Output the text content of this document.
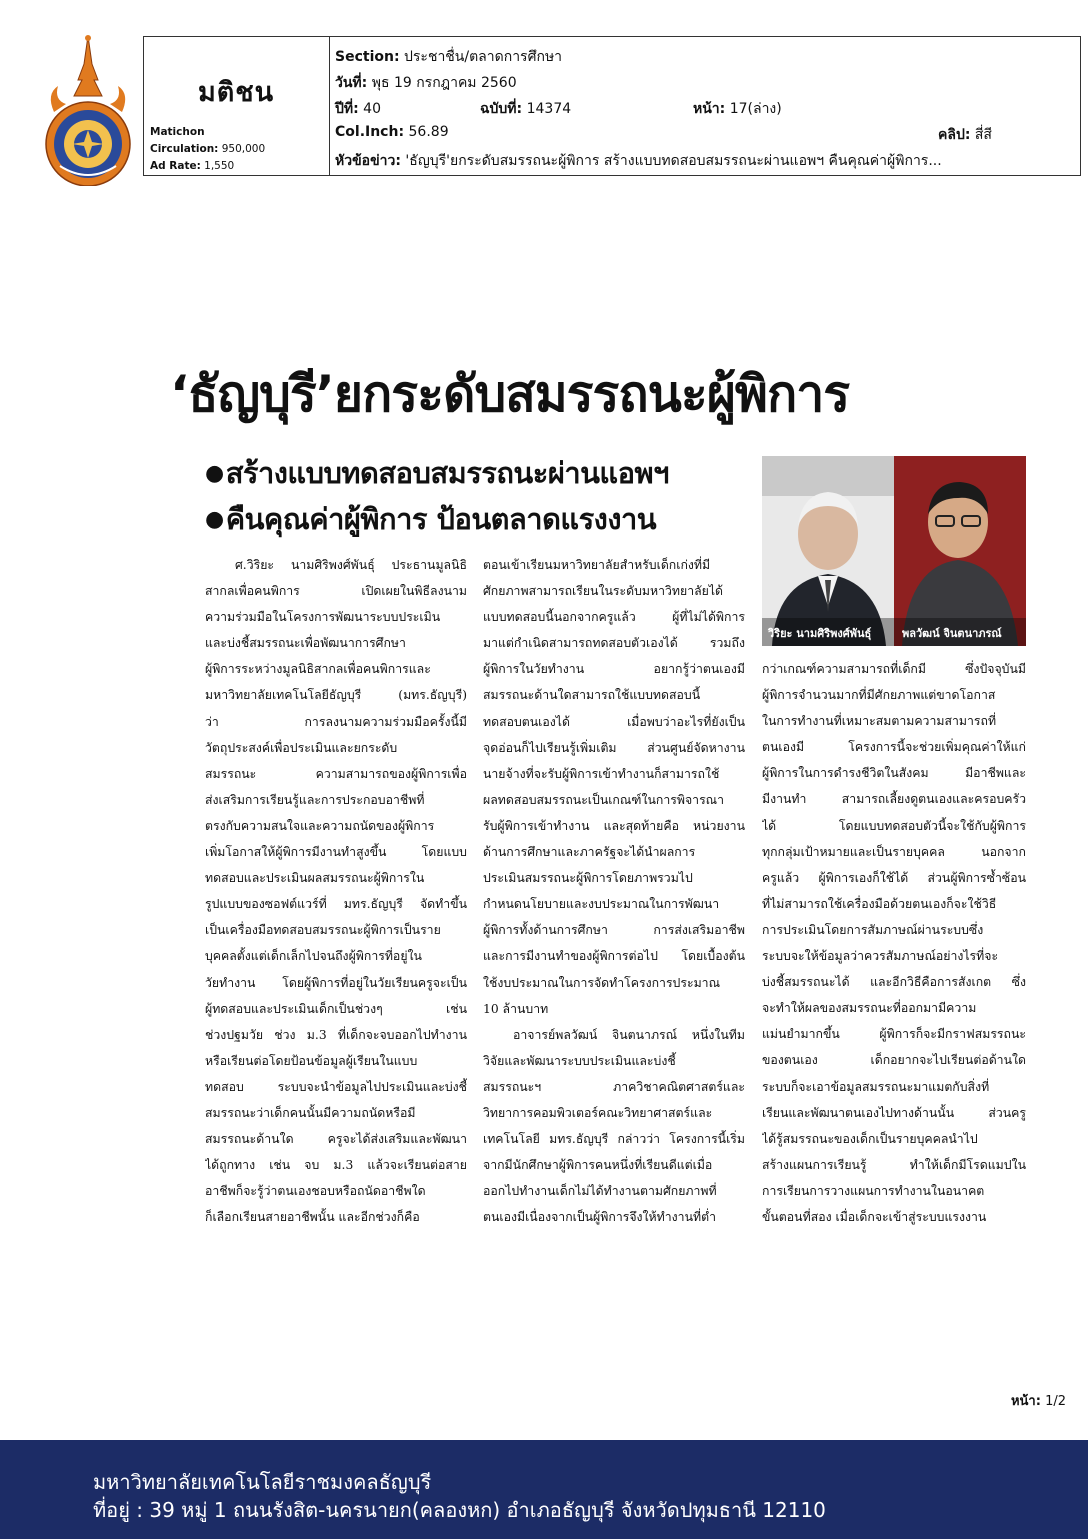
มติชน
Matichon
Circulation: 950,000
Ad Rate: 1,550
Section: ประชาชื่น/ตลาดการศึกษา
วันที่: พุธ 19 กรกฎาคม 2560
ปีที่: 40	ฉบับที่: 14374	หน้า: 17(ล่าง)
Col.Inch: 56.89	คลิป: สี่สี
หัวข้อข่าว: 'ธัญบุรี'ยกระดับสมรรถนะผู้พิการ สร้างแบบทดสอบสมรรถนะผ่านแอพฯ คืนคุณค่าผู้พิการ...
‘ธัญบุรี’ยกระดับสมรรถนะผู้พิการ
●สร้างแบบทดสอบสมรรถนะผ่านแอพฯ
●คืนคุณค่าผู้พิการ ป้อนตลาดแรงงาน
วิริยะ นามศิริพงศ์พันธุ์	พลวัฒน์ จินตนาภรณ์
ศ.วิริยะ นามศิริพงศ์พันธุ์ ประธานมูลนิธิ
สากลเพื่อคนพิการ เปิดเผยในพิธีลงนาม
ความร่วมมือในโครงการพัฒนาระบบประเมิน
และบ่งชี้สมรรถนะเพื่อพัฒนาการศึกษา
ผู้พิการระหว่างมูลนิธิสากลเพื่อคนพิการและ
มหาวิทยาลัยเทคโนโลยีธัญบุรี (มทร.ธัญบุรี)
ว่า การลงนามความร่วมมือครั้งนี้มี
วัตถุประสงค์เพื่อประเมินและยกระดับ
สมรรถนะ ความสามารถของผู้พิการเพื่อ
ส่งเสริมการเรียนรู้และการประกอบอาชีพที่
ตรงกับความสนใจและความถนัดของผู้พิการ
เพิ่มโอกาสให้ผู้พิการมีงานทำสูงขึ้น โดยแบบ
ทดสอบและประเมินผลสมรรถนะผู้พิการใน
รูปแบบของซอฟต์แวร์ที่ มทร.ธัญบุรี จัดทำขึ้น
เป็นเครื่องมือทดสอบสมรรถนะผู้พิการเป็นราย
บุคคลตั้งแต่เด็กเล็กไปจนถึงผู้พิการที่อยู่ใน
วัยทำงาน โดยผู้พิการที่อยู่ในวัยเรียนครูจะเป็น
ผู้ทดสอบและประเมินเด็กเป็นช่วงๆ เช่น
ช่วงปฐมวัย ช่วง ม.3 ที่เด็กจะจบออกไปทำงาน
หรือเรียนต่อโดยป้อนข้อมูลผู้เรียนในแบบ
ทดสอบ ระบบจะนำข้อมูลไปประเมินและบ่งชี้
สมรรถนะว่าเด็กคนนั้นมีความถนัดหรือมี
สมรรถนะด้านใด ครูจะได้ส่งเสริมและพัฒนา
ได้ถูกทาง เช่น จบ ม.3 แล้วจะเรียนต่อสาย
อาชีพก็จะรู้ว่าตนเองชอบหรือถนัดอาชีพใด
ก็เลือกเรียนสายอาชีพนั้น และอีกช่วงก็คือ
ตอนเข้าเรียนมหาวิทยาลัยสำหรับเด็กเก่งที่มี
ศักยภาพสามารถเรียนในระดับมหาวิทยาลัยได้
แบบทดสอบนี้นอกจากครูแล้ว ผู้ที่ไม่ได้พิการ
มาแต่กำเนิดสามารถทดสอบตัวเองได้ รวมถึง
ผู้พิการในวัยทำงาน อยากรู้ว่าตนเองมี
สมรรถนะด้านใดสามารถใช้แบบทดสอบนี้
ทดสอบตนเองได้ เมื่อพบว่าอะไรที่ยังเป็น
จุดอ่อนก็ไปเรียนรู้เพิ่มเติม ส่วนศูนย์จัดหางาน
นายจ้างที่จะรับผู้พิการเข้าทำงานก็สามารถใช้
ผลทดสอบสมรรถนะเป็นเกณฑ์ในการพิจารณา
รับผู้พิการเข้าทำงาน และสุดท้ายคือ หน่วยงาน
ด้านการศึกษาและภาครัฐจะได้นำผลการ
ประเมินสมรรถนะผู้พิการโดยภาพรวมไป
กำหนดนโยบายและงบประมาณในการพัฒนา
ผู้พิการทั้งด้านการศึกษา การส่งเสริมอาชีพ
และการมีงานทำของผู้พิการต่อไป โดยเบื้องต้น
ใช้งบประมาณในการจัดทำโครงการประมาณ
10 ล้านบาท
อาจารย์พลวัฒน์ จินตนาภรณ์ หนึ่งในทีม
วิจัยและพัฒนาระบบประเมินและบ่งชี้
สมรรถนะฯ ภาควิชาคณิตศาสตร์และ
วิทยาการคอมพิวเตอร์คณะวิทยาศาสตร์และ
เทคโนโลยี มทร.ธัญบุรี กล่าวว่า โครงการนี้เริ่ม
จากมีนักศึกษาผู้พิการคนหนึ่งที่เรียนดีแต่เมื่อ
ออกไปทำงานเด็กไม่ได้ทำงานตามศักยภาพที่
ตนเองมีเนื่องจากเป็นผู้พิการจึงให้ทำงานที่ต่ำ
กว่าเกณฑ์ความสามารถที่เด็กมี ซึ่งปัจจุบันมี
ผู้พิการจำนวนมากที่มีศักยภาพแต่ขาดโอกาส
ในการทำงานที่เหมาะสมตามความสามารถที่
ตนเองมี โครงการนี้จะช่วยเพิ่มคุณค่าให้แก่
ผู้พิการในการดำรงชีวิตในสังคม มีอาชีพและ
มีงานทำ สามารถเลี้ยงดูตนเองและครอบครัว
ได้ โดยแบบทดสอบตัวนี้จะใช้กับผู้พิการ
ทุกกลุ่มเป้าหมายและเป็นรายบุคคล นอกจาก
ครูแล้ว ผู้พิการเองก็ใช้ได้ ส่วนผู้พิการซ้ำซ้อน
ที่ไม่สามารถใช้เครื่องมือด้วยตนเองก็จะใช้วิธี
การประเมินโดยการสัมภาษณ์ผ่านระบบซึ่ง
ระบบจะให้ข้อมูลว่าควรสัมภาษณ์อย่างไรที่จะ
บ่งชี้สมรรถนะได้ และอีกวิธีคือการสังเกต ซึ่ง
จะทำให้ผลของสมรรถนะที่ออกมามีความ
แม่นยำมากขึ้น ผู้พิการก็จะมีกราฟสมรรถนะ
ของตนเอง เด็กอยากจะไปเรียนต่อด้านใด
ระบบก็จะเอาข้อมูลสมรรถนะมาแมตกับสิ่งที่
เรียนและพัฒนาตนเองไปทางด้านนั้น ส่วนครู
ได้รู้สมรรถนะของเด็กเป็นรายบุคคลนำไป
สร้างแผนการเรียนรู้ ทำให้เด็กมีโรดแมปใน
การเรียนการวางแผนการทำงานในอนาคต
ขั้นตอนที่สอง เมื่อเด็กจะเข้าสู่ระบบแรงงาน
หน้า: 1/2
มหาวิทยาลัยเทคโนโลยีราชมงคลธัญบุรี
ที่อยู่ : 39 หมู่ 1 ถนนรังสิต-นครนายก(คลองหก) อำเภอธัญบุรี จังหวัดปทุมธานี 12110
